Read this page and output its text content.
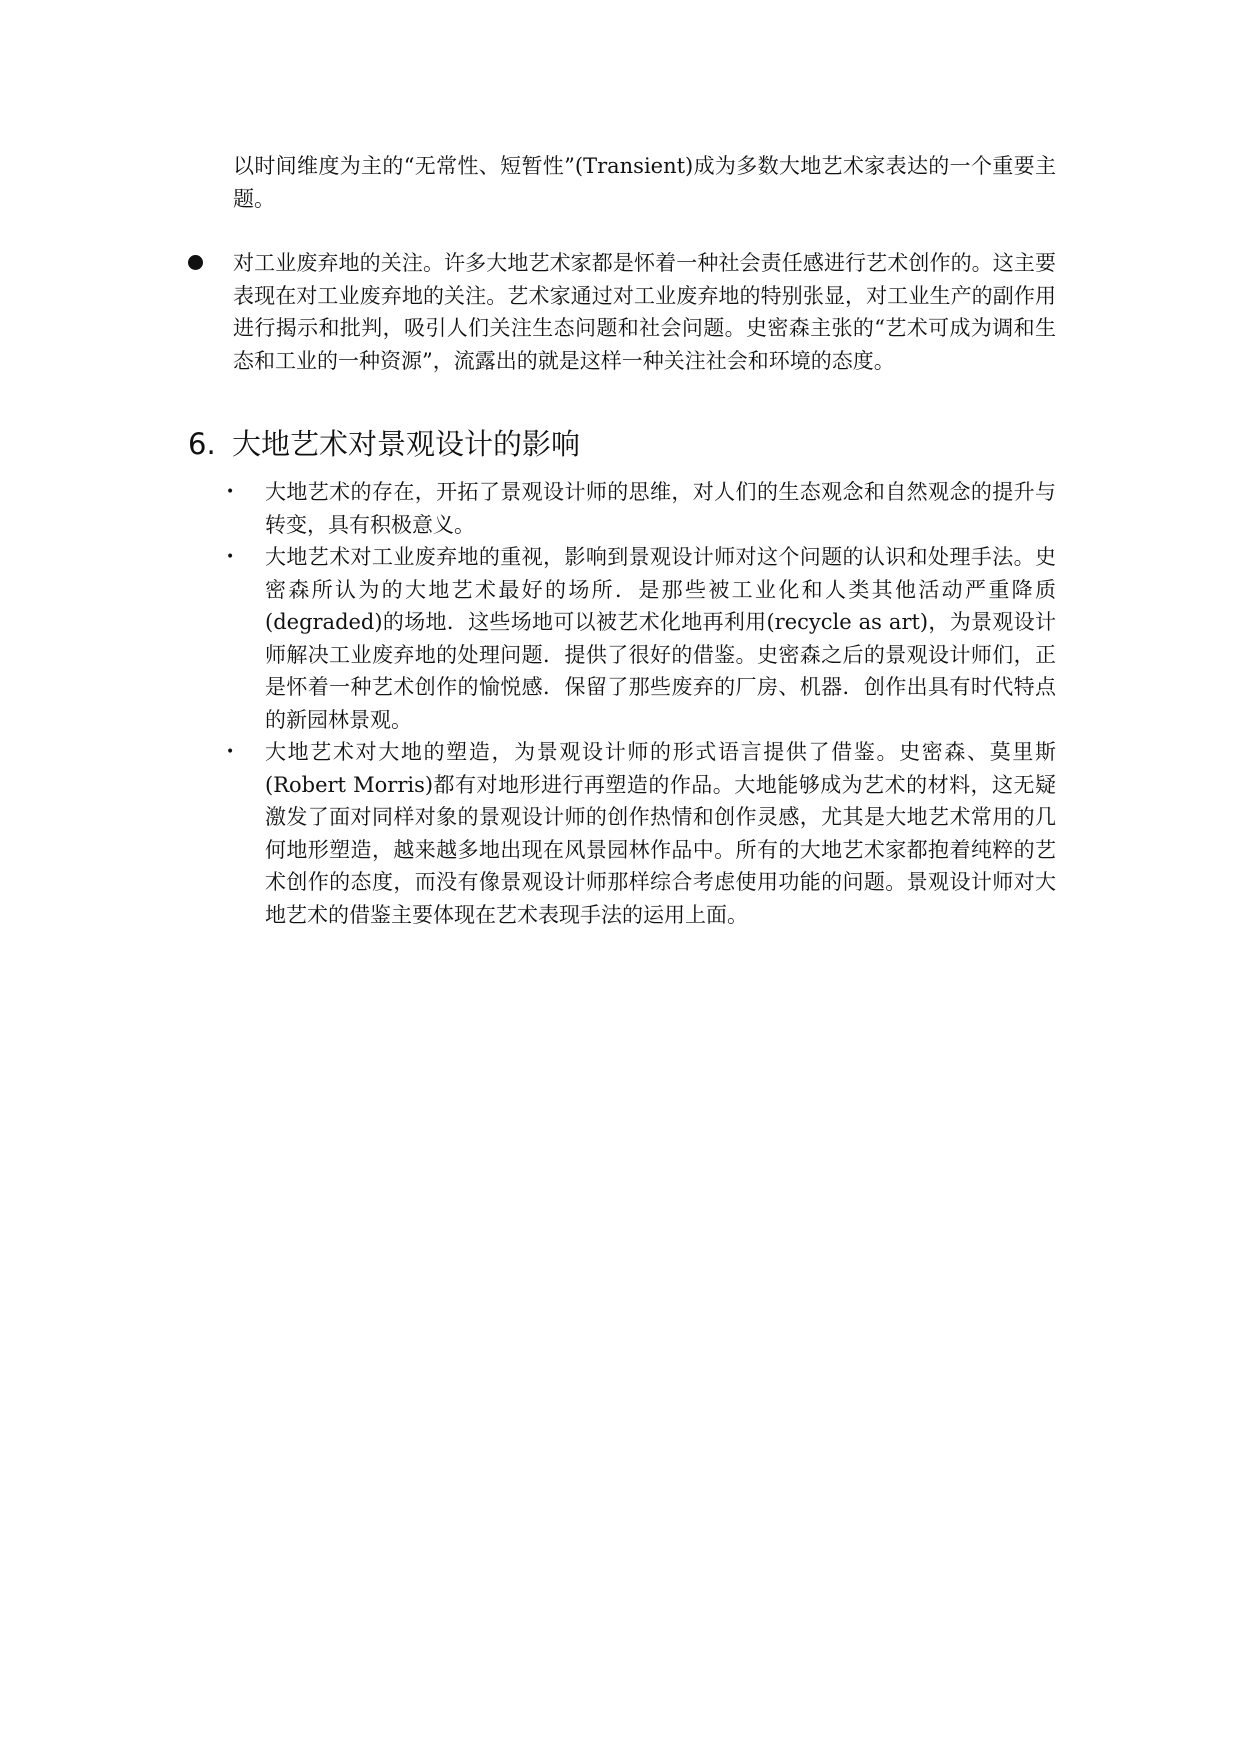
以时间维度为主的“无常性、短暂性”(Transient)成为多数大地艺术家表达的一个重要主题。

对工业废弃地的关注。许多大地艺术家都是怀着一种社会责任感进行艺术创作的。这主要表现在对工业废弃地的关注。艺术家通过对工业废弃地的特别张显，对工业生产的副作用进行揭示和批判，吸引人们关注生态问题和社会问题。史密森主张的“艺术可成为调和生态和工业的一种资源”，流露出的就是这样一种关注社会和环境的态度。

6. 大地艺术对景观设计的影响
• 大地艺术的存在，开拓了景观设计师的思维，对人们的生态观念和自然观念的提升与转变，具有积极意义。

• 大地艺术对工业废弃地的重视，影响到景观设计师对这个问题的认识和处理手法。史密森所认为的大地艺术最好的场所．是那些被工业化和人类其他活动严重降质(degraded)的场地．这些场地可以被艺术化地再利用(recycle as art)，为景观设计师解决工业废弃地的处理问题．提供了很好的借鉴。史密森之后的景观设计师们，正是怀着一种艺术创作的愉悦感．保留了那些废弃的厂房、机器．创作出具有时代特点的新园林景观。

• 大地艺术对大地的塑造，为景观设计师的形式语言提供了借鉴。史密森、莫里斯(Robert Morris)都有对地形进行再塑造的作品。大地能够成为艺术的材料，这无疑激发了面对同样对象的景观设计师的创作热情和创作灵感，尤其是大地艺术常用的几何地形塑造，越来越多地出现在风景园林作品中。所有的大地艺术家都抱着纯粹的艺术创作的态度，而没有像景观设计师那样综合考虑使用功能的问题。景观设计师对大地艺术的借鉴主要体现在艺术表现手法的运用上面。
